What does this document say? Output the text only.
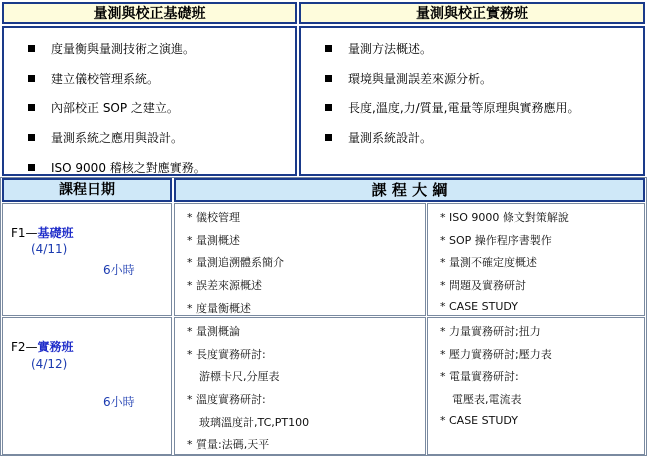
量測與校正基礎班
度量衡與量測技術之演進。
建立儀校管理系統。
內部校正 SOP 之建立。
量測系統之應用與設計。
ISO 9000 稽核之對應實務。
量測與校正實務班
量測方法概述。
環境與量測誤差來源分析。
長度,溫度,力/質量,電量等原理與實務應用。
量測系統設計。
課程日期	課 程 大 綱
F1—基礎班
(4/11)
6小時
* 儀校管理
* 量測概述
* 量測追溯體系簡介
* 誤差來源概述
* 度量衡概述
* ISO 9000 條文對策解說
* SOP 操作程序書製作
* 量測不確定度概述
* 問題及實務研討
* CASE STUDY
F2—實務班
(4/12)
6小時
* 量測概論
* 長度實務研討:
游標卡尺,分厘表
* 溫度實務研討:
玻璃溫度計,TC,PT100
* 質量:法碼,天平
* 力量實務研討;扭力
* 壓力實務研討;壓力表
* 電量實務研討:
電壓表,電流表
* CASE STUDY
